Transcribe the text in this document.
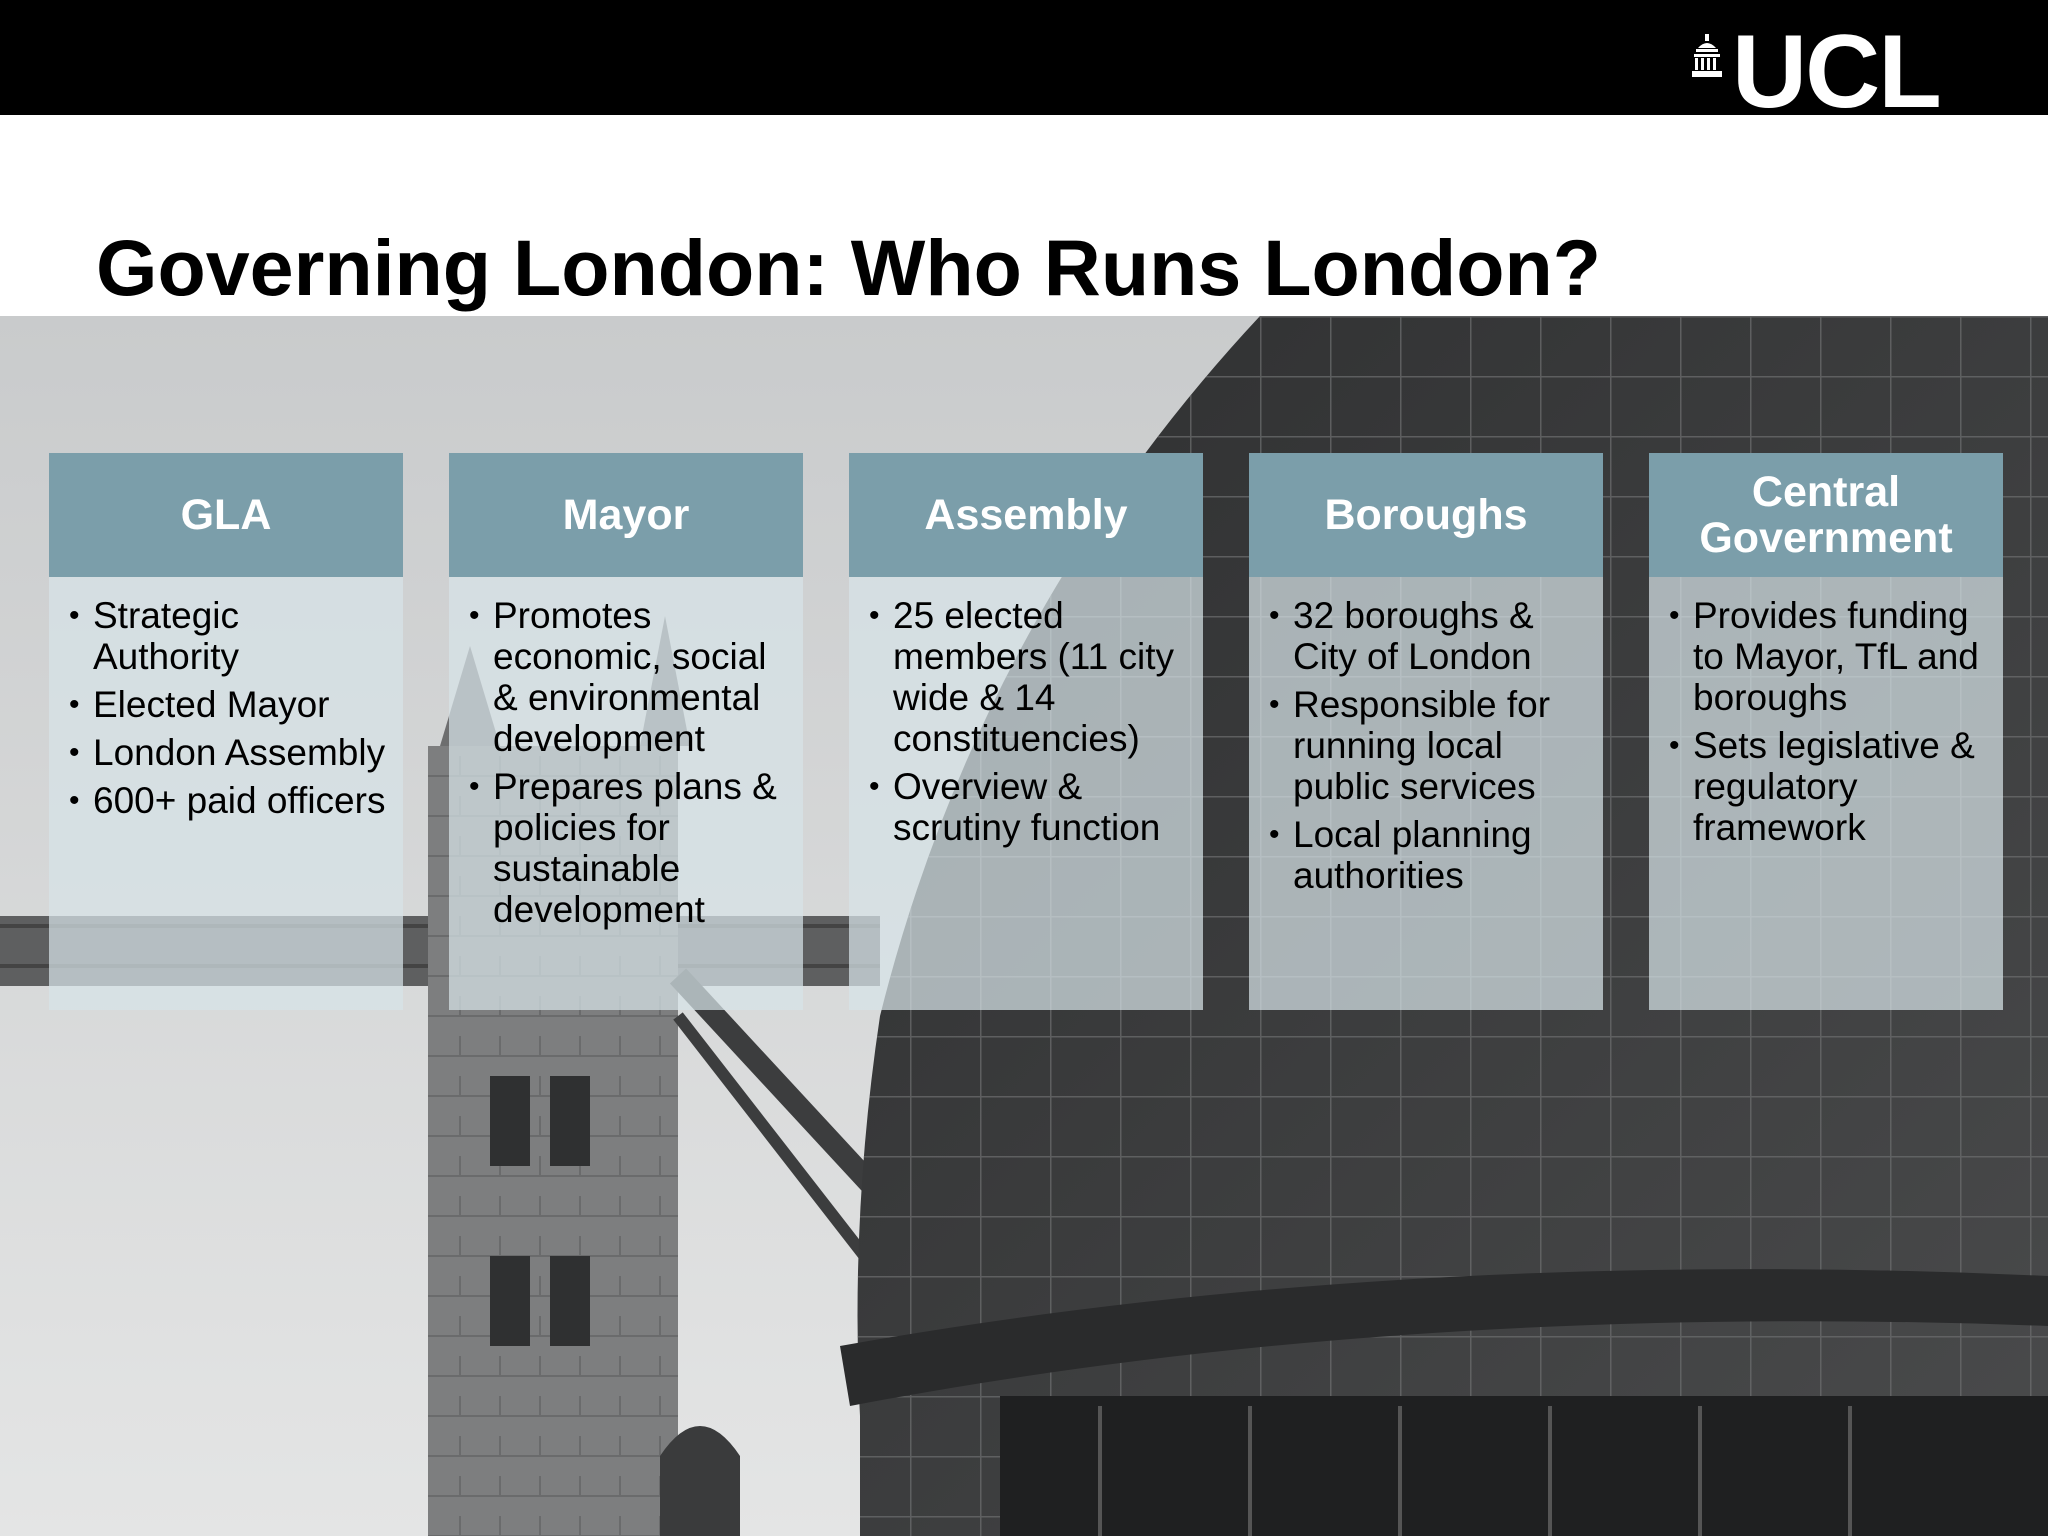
UCL
Governing London: Who Runs London?
GLA
• Strategic Authority
• Elected Mayor
• London Assembly
• 600+ paid officers
Mayor
• Promotes economic, social & environmental development
• Prepares plans & policies for sustainable development
Assembly
• 25 elected members (11 city wide & 14 constituencies)
• Overview & scrutiny function
Boroughs
• 32 boroughs & City of London
• Responsible for running local public services
• Local planning authorities
Central Government
• Provides funding to Mayor, TfL and boroughs
• Sets legislative & regulatory framework
